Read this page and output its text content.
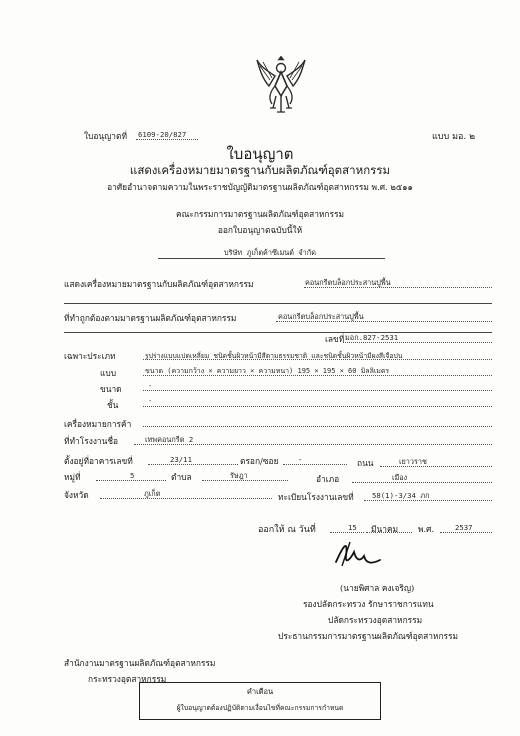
ใบอนุญาตที่ 6109-20/827	แบบ มอ. ๒
ใบอนุญาต
แสดงเครื่องหมายมาตรฐานกับผลิตภัณฑ์อุตสาหกรรม
อาศัยอำนาจตามความในพระราชบัญญัติมาตรฐานผลิตภัณฑ์อุตสาหกรรม พ.ศ. ๒๕๑๑
คณะกรรมการมาตรฐานผลิตภัณฑ์อุตสาหกรรม
ออกใบอนุญาตฉบับนี้ให้
บริษัท ภูเก็ตค้าซีเมนต์ จำกัด
แสดงเครื่องหมายมาตรฐานกับผลิตภัณฑ์อุตสาหกรรม	คอนกรีตบล็อกประสานปูพื้น
ที่ทำถูกต้องตามมาตรฐานผลิตภัณฑ์อุตสาหกรรม	คอนกรีตบล็อกประสานปูพื้น
เลขที่ มอก.827-2531
เฉพาะประเภท	รูปร่างแบบแปดเหลี่ยม ชนิดชั้นผิวหน้ามีสีตามธรรมชาติ และชนิดชั้นผิวหน้ามีผงสีเจือปน
แบบ	ขนาด (ความกว้าง × ความยาว × ความหนา) 195 × 195 × 60 มิลลิเมตร
ขนาด	-
ชั้น	-
เครื่องหมายการค้า
ที่ทำโรงงานชื่อ	เทพคอนกรีต 2
ตั้งอยู่ที่อาคารเลขที่	23/11	ตรอก/ซอย	-	ถนน	เยาวราช
หมู่ที่	5	ตำบล	รัษฎา	อำเภอ	เมือง
จังหวัด	ภูเก็ต	ทะเบียนโรงงานเลขที่	58(1)-3/34 ภก
ออกให้ ณ วันที่	15 มีนาคม พ.ศ.	2537
(นายพิศาล คงเจริญ)
รองปลัดกระทรวง รักษาราชการแทน
ปลัดกระทรวงอุตสาหกรรม
ประธานกรรมการมาตรฐานผลิตภัณฑ์อุตสาหกรรม
สำนักงานมาตรฐานผลิตภัณฑ์อุตสาหกรรม
กระทรวงอุตสาหกรรม
คำเตือน
ผู้ใบอนุญาตต้องปฏิบัติตามเงื่อนไขที่คณะกรรมการกำหนด
